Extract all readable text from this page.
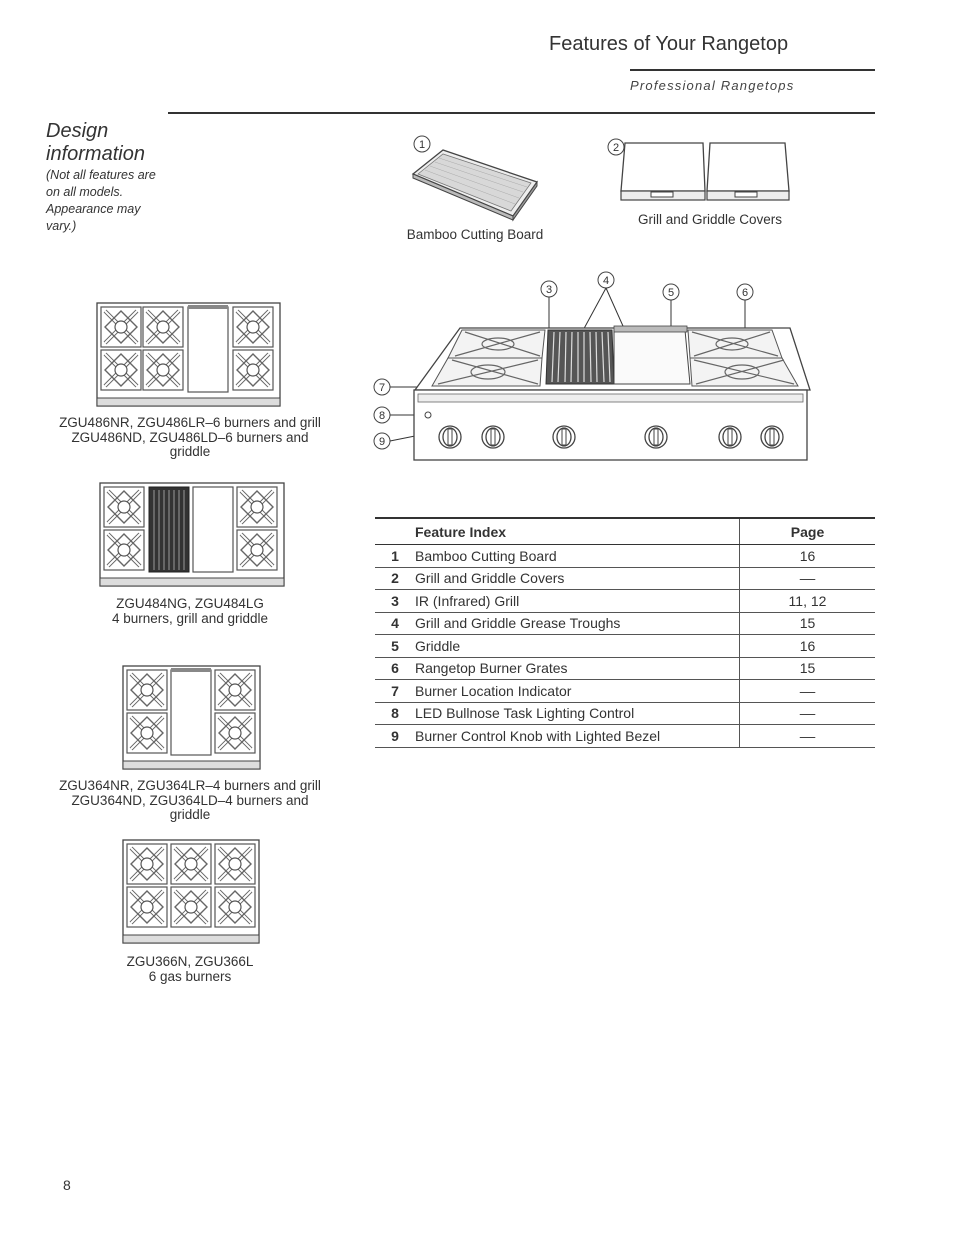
Features of Your Rangetop
Professional Rangetops
Design information
(Not all features are on all models. Appearance may vary.)
1
Bamboo Cutting Board
2
Grill and Griddle Covers
3
4
5	6
7
8
9
ZGU486NR, ZGU486LR–6 burners and grill
ZGU486ND, ZGU486LD–6 burners and
griddle
ZGU484NG, ZGU484LG
4 burners, grill and griddle
ZGU364NR, ZGU364LR–4 burners and grill
ZGU364ND, ZGU364LD–4 burners and
griddle
ZGU366N, ZGU366L
6 gas burners
	Feature Index	Page
1	Bamboo Cutting Board	16
2	Grill and Griddle Covers	––
3	IR (Infrared) Grill	11, 12
4	Grill and Griddle Grease Troughs	15
5	Griddle	16
6	Rangetop Burner Grates	15
7	Burner Location Indicator	––
8	LED Bullnose Task Lighting Control	––
9	Burner Control Knob with Lighted Bezel	––
8
